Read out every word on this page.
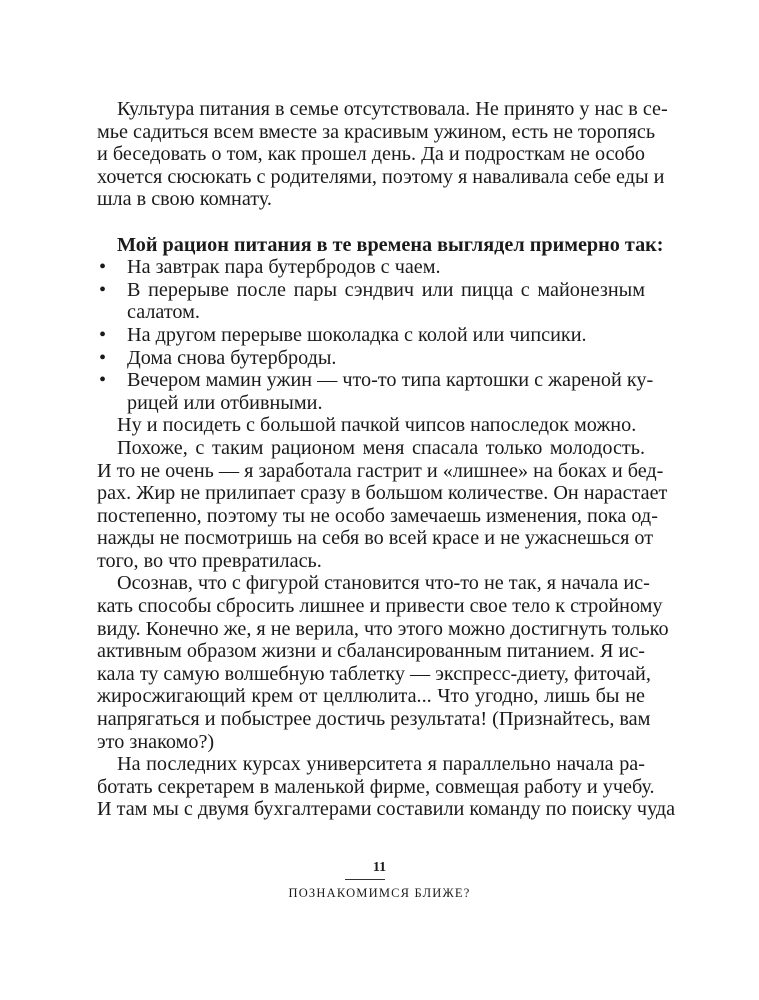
Культура питания в семье отсутствовала. Не принято у нас в се-
мье садиться всем вместе за красивым ужином, есть не торопясь
и беседовать о том, как прошел день. Да и подросткам не особо
хочется сюсюкать с родителями, поэтому я наваливала себе еды и
шла в свою комнату.
Мой рацион питания в те времена выглядел примерно так:
• На завтрак пара бутербродов с чаем.
• В перерыве после пары сэндвич или пицца с майонезным
салатом.
• На другом перерыве шоколадка с колой или чипсики.
• Дома снова бутерброды.
• Вечером мамин ужин — что-то типа картошки с жареной ку-
рицей или отбивными.
Ну и посидеть с большой пачкой чипсов напоследок можно.
Похоже, с таким рационом меня спасала только молодость.
И то не очень — я заработала гастрит и «лишнее» на боках и бед-
рах. Жир не прилипает сразу в большом количестве. Он нарастает
постепенно, поэтому ты не особо замечаешь изменения, пока од-
нажды не посмотришь на себя во всей красе и не ужаснешься от
того, во что превратилась.
Осознав, что с фигурой становится что-то не так, я начала ис-
кать способы сбросить лишнее и привести свое тело к стройному
виду. Конечно же, я не верила, что этого можно достигнуть только
активным образом жизни и сбалансированным питанием. Я ис-
кала ту самую волшебную таблетку — экспресс-диету, фиточай,
жиросжигающий крем от целлюлита... Что угодно, лишь бы не
напрягаться и побыстрее достичь результата! (Признайтесь, вам
это знакомо?)
На последних курсах университета я параллельно начала ра-
ботать секретарем в маленькой фирме, совмещая работу и учебу.
И там мы с двумя бухгалтерами составили команду по поиску чуда
11
ПОЗНАКОМИМСЯ БЛИЖЕ?
